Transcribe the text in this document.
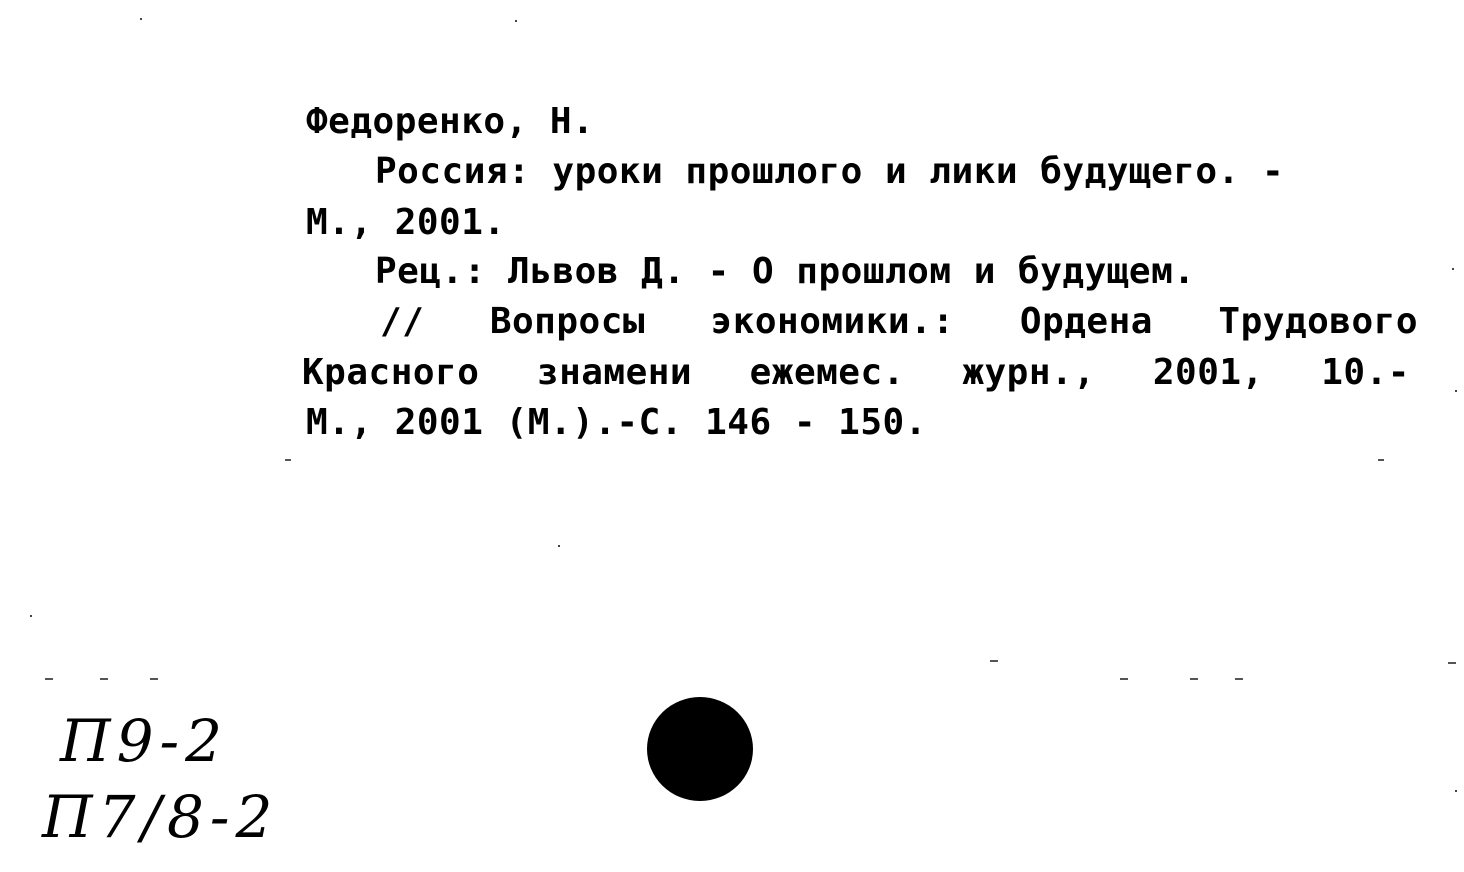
Федоренко, Н.
Россия: уроки прошлого и лики будущего. -
М., 2001.
Рец.: Львов Д. - О прошлом и будущем.
// Вопросы экономики.: Ордена Трудового
Красного знамени ежемес. журн., 2001, 10.-
М., 2001 (М.).-С. 146 - 150.
П9-2
П7/8-2
